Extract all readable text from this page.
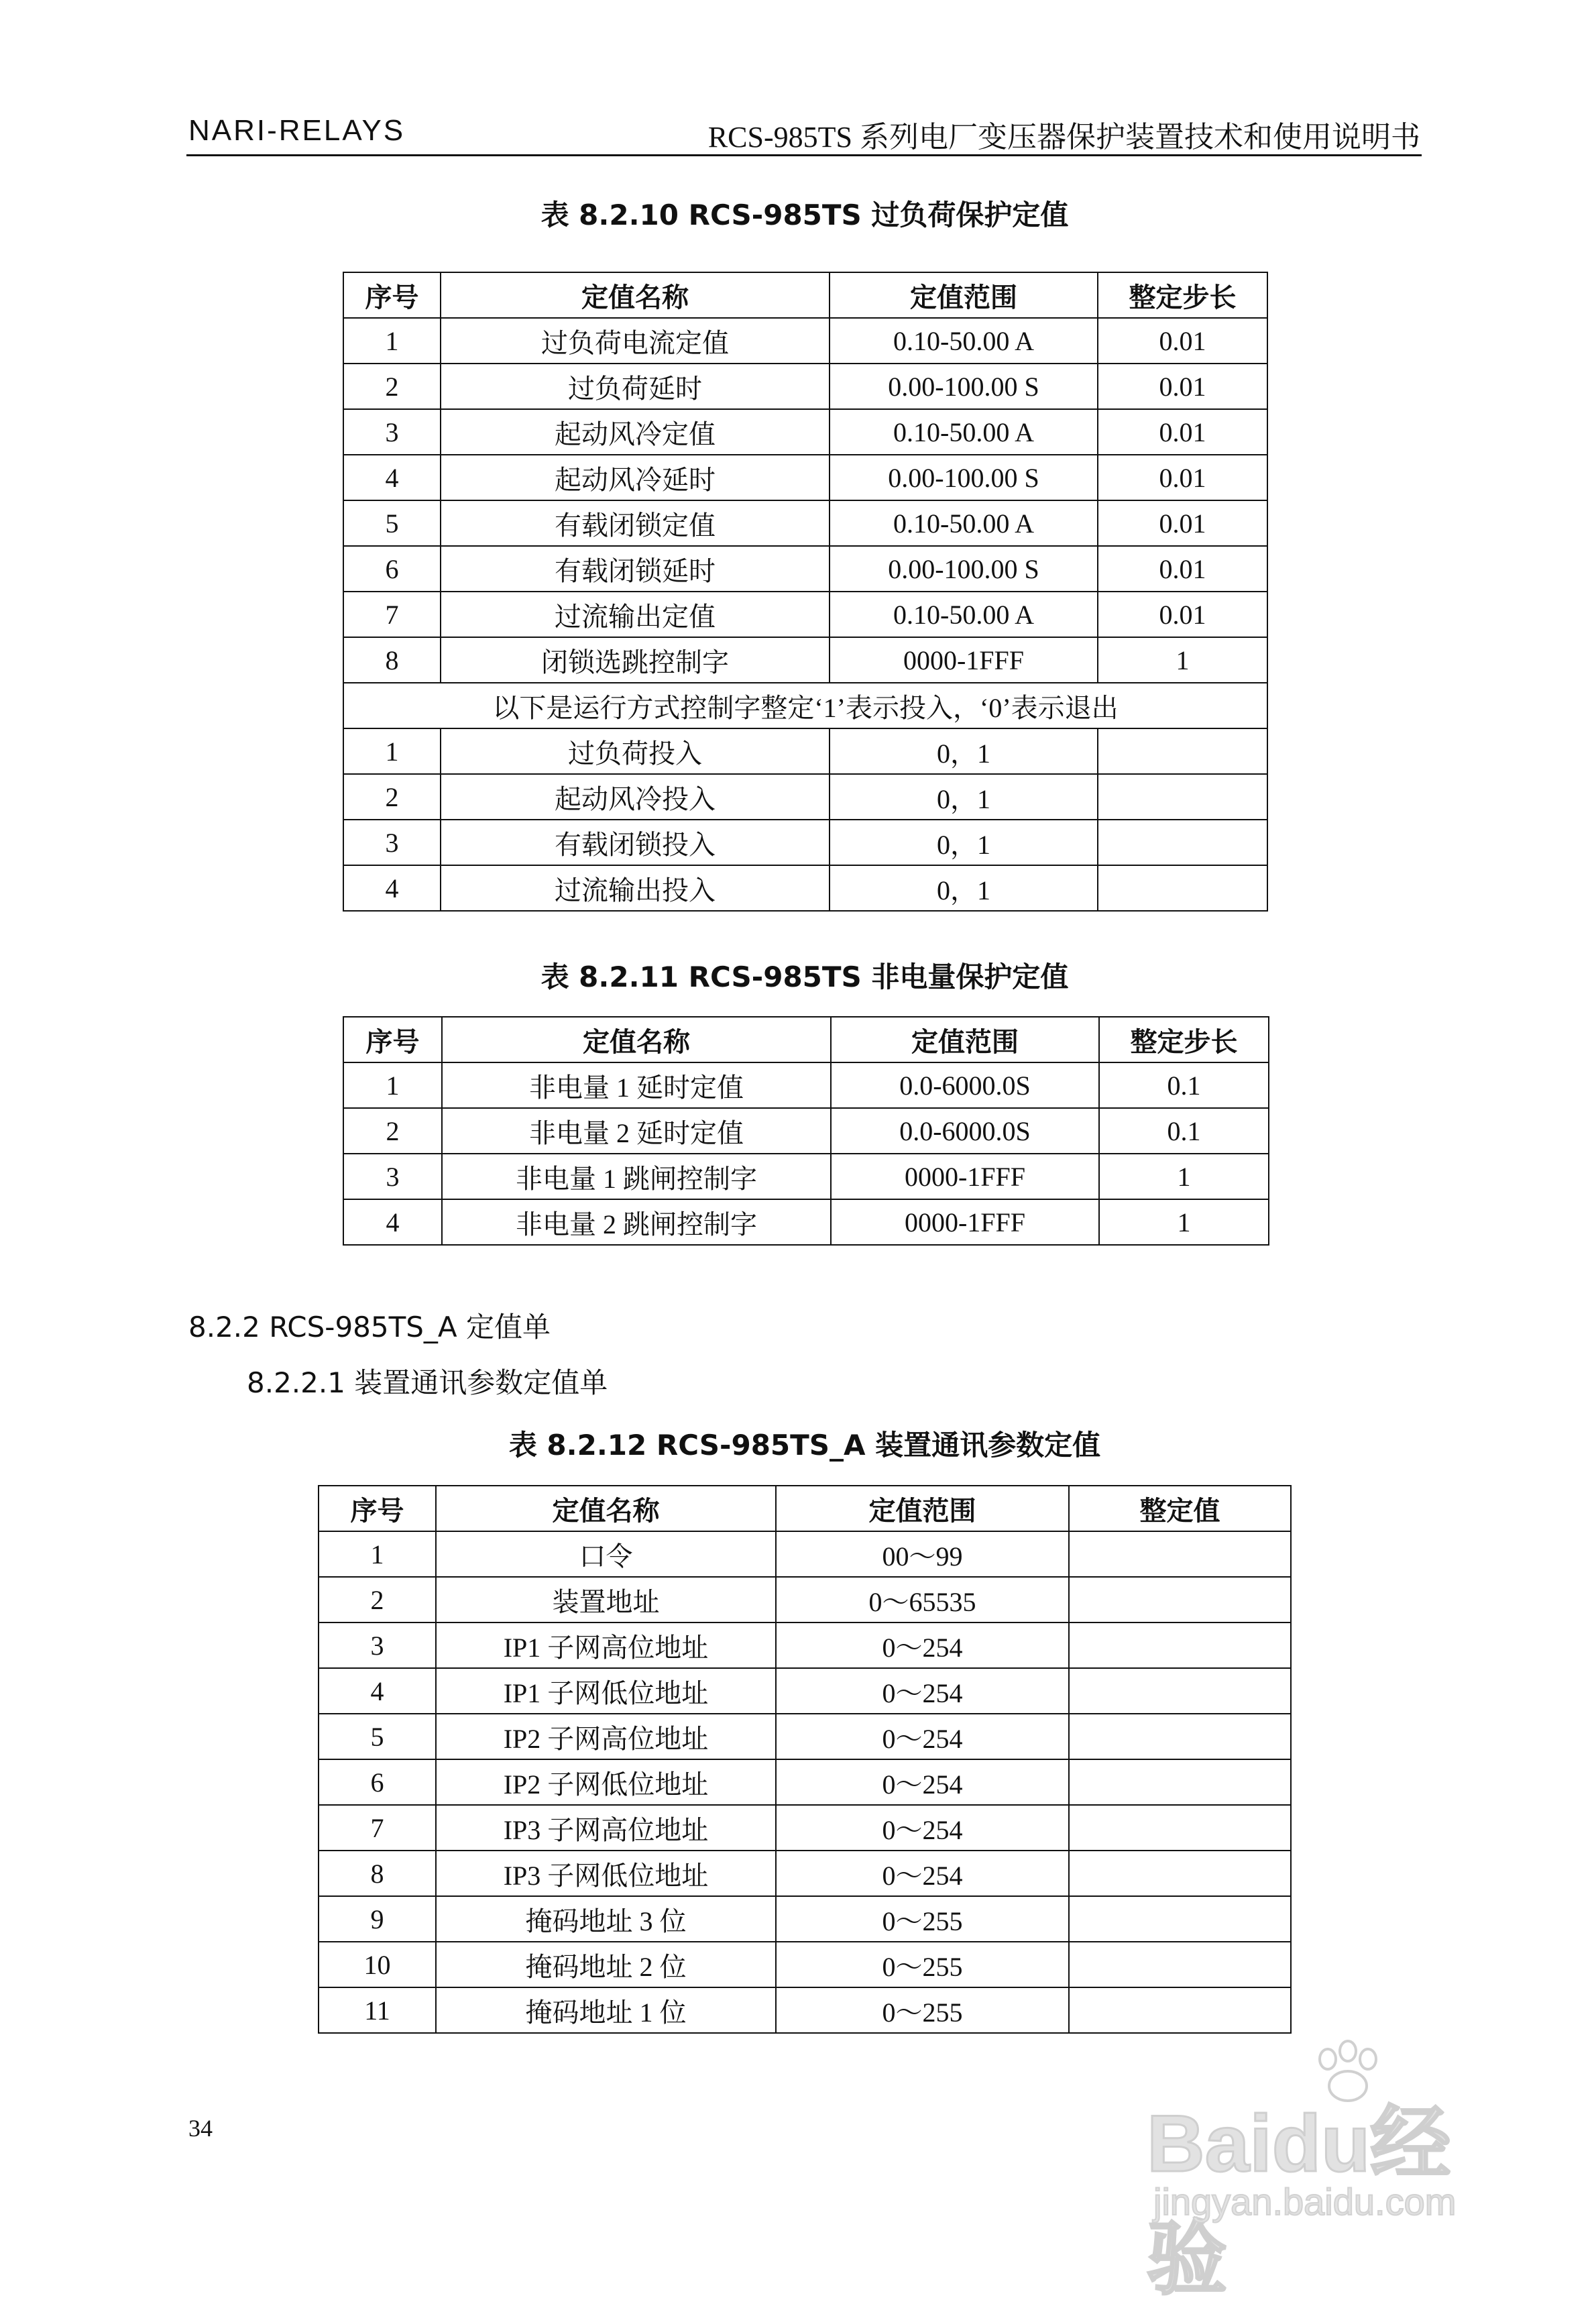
NARI-RELAYS	RCS-985TS 系列电厂变压器保护装置技术和使用说明书
表 8.2.10 RCS-985TS 过负荷保护定值
序号	定值名称	定值范围	整定步长
1	过负荷电流定值	0.10-50.00 A	0.01
2	过负荷延时	0.00-100.00 S	0.01
3	起动风冷定值	0.10-50.00 A	0.01
4	起动风冷延时	0.00-100.00 S	0.01
5	有载闭锁定值	0.10-50.00 A	0.01
6	有载闭锁延时	0.00-100.00 S	0.01
7	过流输出定值	0.10-50.00 A	0.01
8	闭锁选跳控制字	0000-1FFF	1
以下是运行方式控制字整定‘1’表示投入，‘0’表示退出			
1	过负荷投入	0，1	
2	起动风冷投入	0，1	
3	有载闭锁投入	0，1	
4	过流输出投入	0，1	
表 8.2.11 RCS-985TS 非电量保护定值
序号	定值名称	定值范围	整定步长
1	非电量 1 延时定值	0.0-6000.0S	0.1
2	非电量 2 延时定值	0.0-6000.0S	0.1
3	非电量 1 跳闸控制字	0000-1FFF	1
4	非电量 2 跳闸控制字	0000-1FFF	1
8.2.2 RCS-985TS_A 定值单
8.2.2.1 装置通讯参数定值单
表 8.2.12 RCS-985TS_A 装置通讯参数定值
序号	定值名称	定值范围	整定值
1	口令	00～99	
2	装置地址	0～65535	
3	IP1 子网高位地址	0～254	
4	IP1 子网低位地址	0～254	
5	IP2 子网高位地址	0～254	
6	IP2 子网低位地址	0～254	
7	IP3 子网高位地址	0～254	
8	IP3 子网低位地址	0～254	
9	掩码地址 3 位	0～255	
10	掩码地址 2 位	0～255	
11	掩码地址 1 位	0～255	
34	Baidu经验
jingyan.baidu.com
